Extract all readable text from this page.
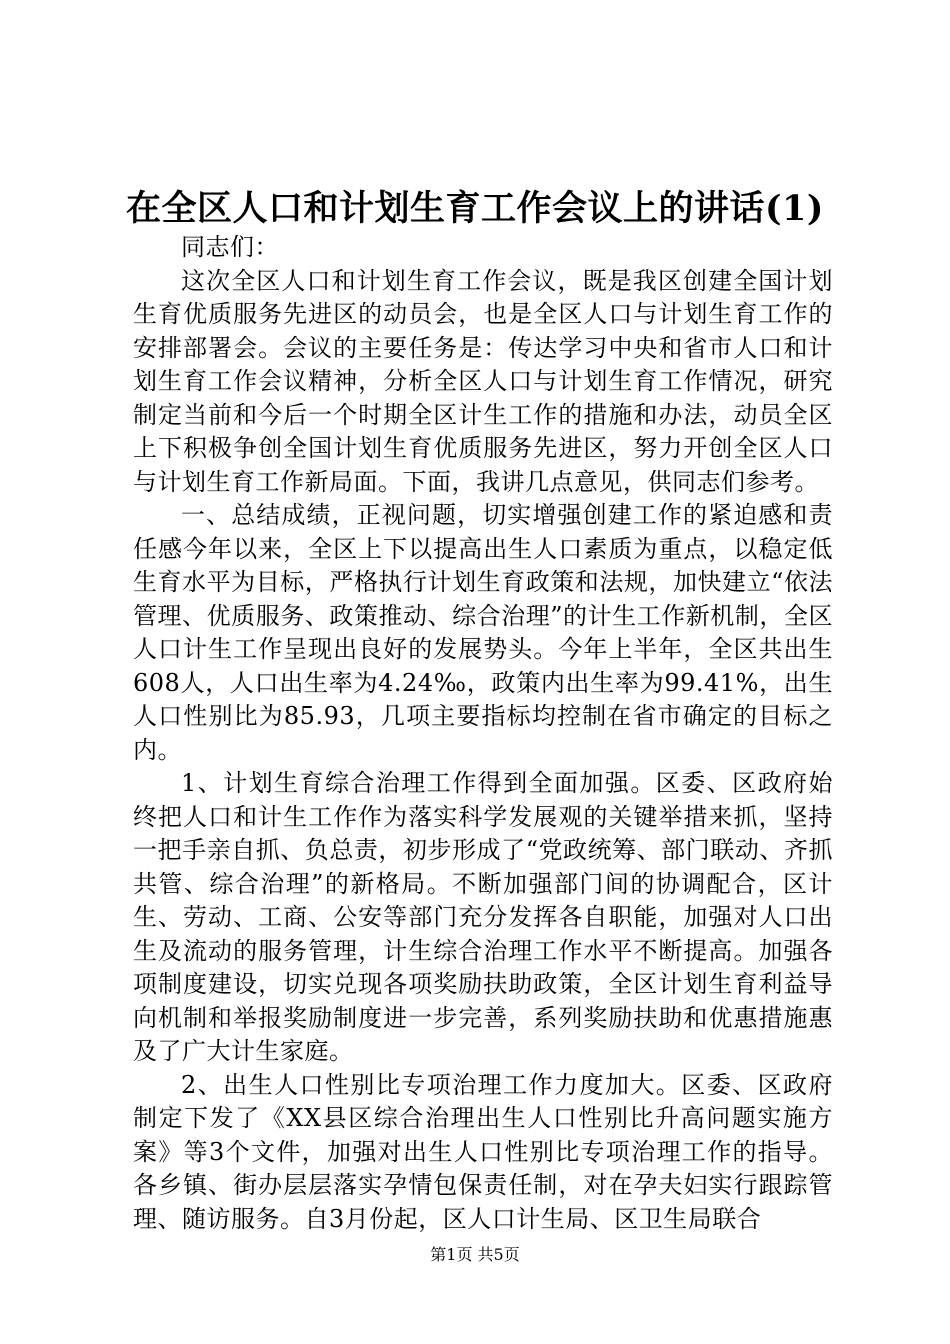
在全区人口和计划生育工作会议上的讲话(1)

同志们：

这次全区人口和计划生育工作会议，既是我区创建全国计划生育优质服务先进区的动员会，也是全区人口与计划生育工作的安排部署会。会议的主要任务是：传达学习中央和省市人口和计划生育工作会议精神，分析全区人口与计划生育工作情况，研究制定当前和今后一个时期全区计生工作的措施和办法，动员全区上下积极争创全国计划生育优质服务先进区，努力开创全区人口与计划生育工作新局面。下面，我讲几点意见，供同志们参考。

一、总结成绩，正视问题，切实增强创建工作的紧迫感和责任感今年以来，全区上下以提高出生人口素质为重点，以稳定低生育水平为目标，严格执行计划生育政策和法规，加快建立“依法管理、优质服务、政策推动、综合治理”的计生工作新机制，全区人口计生工作呈现出良好的发展势头。今年上半年，全区共出生608人，人口出生率为4.24‰，政策内出生率为99.41%，出生人口性别比为85.93，几项主要指标均控制在省市确定的目标之内。

1、计划生育综合治理工作得到全面加强。区委、区政府始终把人口和计生工作作为落实科学发展观的关键举措来抓，坚持一把手亲自抓、负总责，初步形成了“党政统筹、部门联动、齐抓共管、综合治理”的新格局。不断加强部门间的协调配合，区计生、劳动、工商、公安等部门充分发挥各自职能，加强对人口出生及流动的服务管理，计生综合治理工作水平不断提高。加强各项制度建设，切实兑现各项奖励扶助政策，全区计划生育利益导向机制和举报奖励制度进一步完善，系列奖励扶助和优惠措施惠及了广大计生家庭。

2、出生人口性别比专项治理工作力度加大。区委、区政府制定下发了《XX县区综合治理出生人口性别比升高问题实施方案》等3个文件，加强对出生人口性别比专项治理工作的指导。各乡镇、街办层层落实孕情包保责任制，对在孕夫妇实行跟踪管理、随访服务。自3月份起，区人口计生局、区卫生局联合

第1页 共5页
